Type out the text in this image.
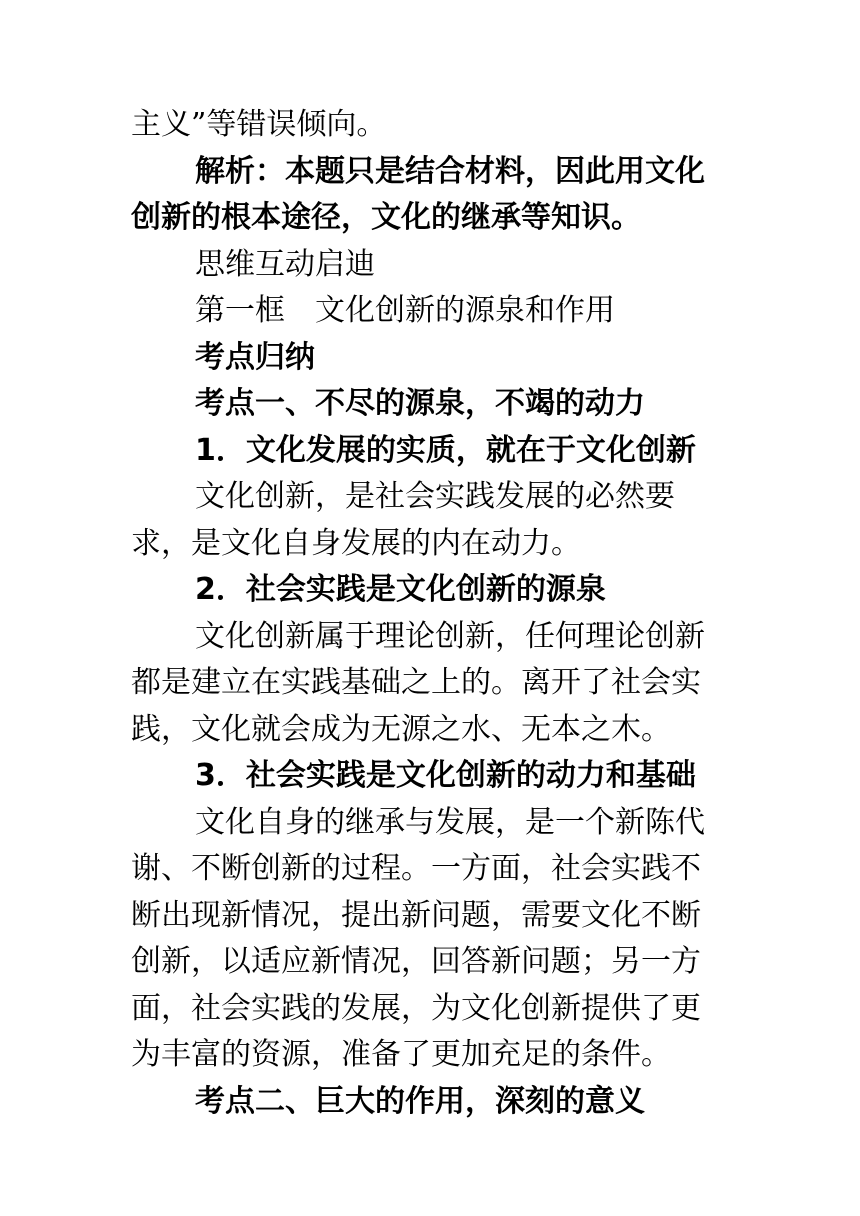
主义”等错误倾向。
解析：本题只是结合材料，因此用文化
创新的根本途径，文化的继承等知识。
思维互动启迪
第一框　文化创新的源泉和作用
考点归纳
考点一、不尽的源泉，不竭的动力
1．文化发展的实质，就在于文化创新
文化创新，是社会实践发展的必然要
求，是文化自身发展的内在动力。
2．社会实践是文化创新的源泉
文化创新属于理论创新，任何理论创新
都是建立在实践基础之上的。离开了社会实
践，文化就会成为无源之水、无本之木。
3．社会实践是文化创新的动力和基础
文化自身的继承与发展，是一个新陈代
谢、不断创新的过程。一方面，社会实践不
断出现新情况，提出新问题，需要文化不断
创新，以适应新情况，回答新问题；另一方
面，社会实践的发展，为文化创新提供了更
为丰富的资源，准备了更加充足的条件。
考点二、巨大的作用，深刻的意义
